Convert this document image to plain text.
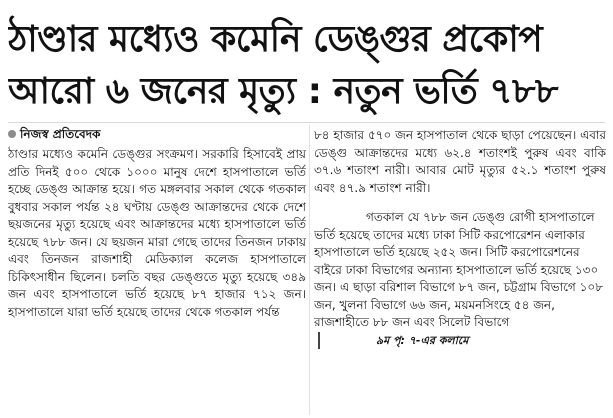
ঠাণ্ডার মধ্যেও কমেনি ডেঙ্গুর প্রকোপ
আরো ৬ জনের মৃত্যু : নতুন ভর্তি ৭৮৮
নিজস্ব প্রতিবেদক

ঠাণ্ডার মধ্যেও কমেনি ডেঙ্গুর সংক্রমণ। সরকারি হিসাবেই প্রায় প্রতি দিনই ৫০০ থেকে ১০০০ মানুষ দেশে হাসপাতালে ভর্তি হচ্ছে ডেঙ্গু আক্রান্ত হয়ে। গত মঙ্গলবার সকাল থেকে গতকাল বুধবার সকাল পর্যন্ত ২৪ ঘণ্টায় ডেঙ্গু আক্রান্তদের থেকে দেশে ছয়জনের মৃত্যু হয়েছে এবং আক্রান্তদের মধ্যে হাসপাতালে ভর্তি হয়েছে ৭৮৮ জন। যে ছয়জন মারা গেছে তাদের তিনজন ঢাকায় এবং তিনজন রাজশাহী মেডিক্যাল কলেজ হাসপাতালে চিকিৎসাধীন ছিলেন। চলতি বছর ডেঙ্গুতে মৃত্যু হয়েছে ৩৪৯ জন এবং হাসপাতালে ভর্তি হয়েছে ৮৭ হাজার ৭১২ জন। হাসপাতালে যারা ভর্তি হয়েছে তাদের থেকে গতকাল পর্যন্ত

৮৪ হাজার ৫৭০ জন হাসপাতাল থেকে ছাড়া পেয়েছেন। এবার ডেঙ্গু আক্রান্তদের মধ্যে ৬২.৪ শতাংশই পুরুষ এবং বাকি ৩৭.৬ শতাংশ নারী। আবার মোট মৃত্যুর ৫২.১ শতাংশ পুরুষ এবং ৪৭.৯ শতাংশ নারী।

গতকাল যে ৭৮৮ জন ডেঙ্গু রোগী হাসপাতালে ভর্তি হয়েছে তাদের মধ্যে ঢাকা সিটি করপোরেশন এলাকার হাসপাতালে ভর্তি হয়েছে ২৫২ জন। সিটি করপোরেশনের বাইরে ঢাকা বিভাগের অন্যান্য হাসপাতালে ভর্তি হয়েছে ১৩০ জন। এ ছাড়া বরিশাল বিভাগে ৮৭ জন, চট্টগ্রাম বিভাগে ১০৮ জন, খুলনা বিভাগে ৬৬ জন, ময়মনসিংহে ৫৪ জন, রাজশাহীতে ৮৮ জন এবং সিলেট বিভাগে৯ম পৃ: ৭-এর কলামে
